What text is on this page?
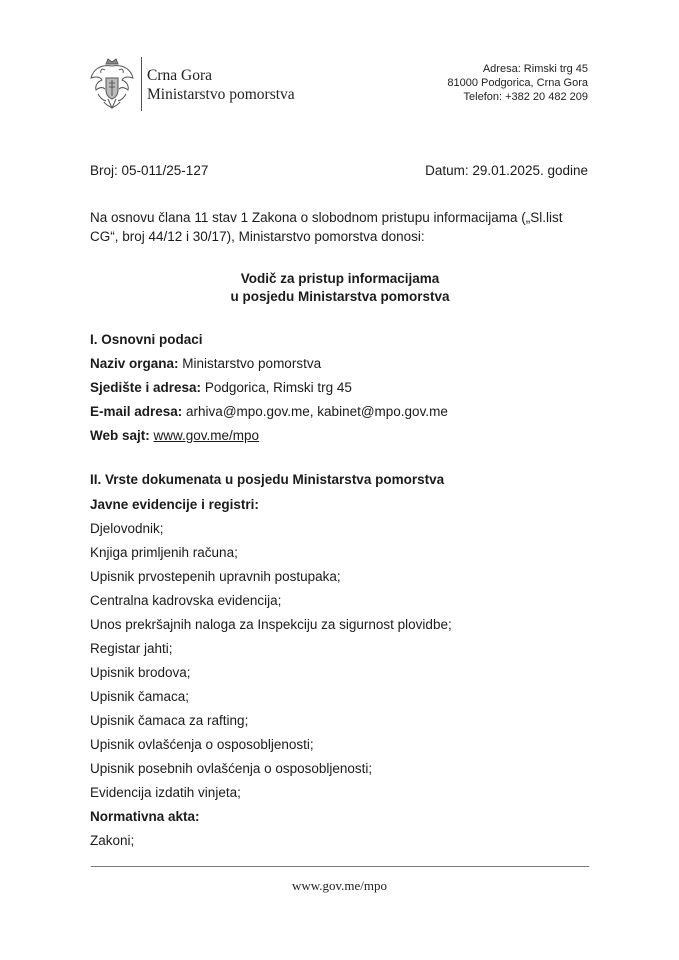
Crna Gora
Ministarstvo pomorstva
Adresa: Rimski trg 45
81000 Podgorica, Crna Gora
Telefon: +382 20 482 209
Broj: 05-011/25-127	Datum: 29.01.2025. godine
Na osnovu člana 11 stav 1 Zakona o slobodnom pristupu informacijama („Sl.list CG“, broj 44/12 i 30/17), Ministarstvo pomorstva donosi:
Vodič za pristup informacijama
u posjedu Ministarstva pomorstva
I. Osnovni podaci
Naziv organa: Ministarstvo pomorstva
Sjedište i adresa: Podgorica, Rimski trg 45
E-mail adresa: arhiva@mpo.gov.me, kabinet@mpo.gov.me
Web sajt: www.gov.me/mpo
II. Vrste dokumenata u posjedu Ministarstva pomorstva
Javne evidencije i registri:
Djelovodnik;
Knjiga primljenih računa;
Upisnik prvostepenih upravnih postupaka;
Centralna kadrovska evidencija;
Unos prekršajnih naloga za Inspekciju za sigurnost plovidbe;
Registar jahti;
Upisnik brodova;
Upisnik čamaca;
Upisnik čamaca za rafting;
Upisnik ovlašćenja o osposobljenosti;
Upisnik posebnih ovlašćenja o osposobljenosti;
Evidencija izdatih vinjeta;
Normativna akta:
Zakoni;
www.gov.me/mpo
